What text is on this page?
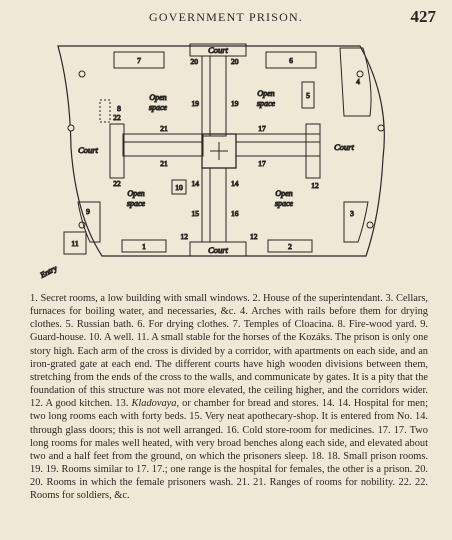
GOVERNMENT PRISON.	427
Court
Court
Court	Court
7	6
5
4
3
2
1
9
11
10
8
Open
space
Open
space
Open
space
Open
space
20	20
19	19
21
21
17
17
22
22	12
14	14
15	16
12	12
Entry

1. Secret rooms, a low building with small windows. 2. House of the superintendant. 3. Cellars, furnaces for boiling water, and necessaries, &c. 4. Arches with rails before them for drying clothes. 5. Russian bath. 6. For drying clothes. 7. Temples of Cloacina. 8. Fire-wood yard. 9. Guard-house. 10. A well. 11. A small stable for the horses of the Kozáks. The prison is only one story high. Each arm of the cross is divided by a corridor, with apartments on each side, and an iron-grated gate at each end. The different courts have high wooden divisions between them, stretching from the ends of the cross to the walls, and communicate by gates. It is a pity that the foundation of this structure was not more elevated, the ceiling higher, and the corridors wider. 12. A good kitchen. 13. Kladovaya, or chamber for bread and stores. 14. 14. Hospital for men; two long rooms each with forty beds. 15. Very neat apothecary-shop. It is entered from No. 14. through glass doors; this is not well arranged. 16. Cold store-room for medicines. 17. 17. Two long rooms for males well heated, with very broad benches along each side, and elevated about two and a half feet from the ground, on which the prisoners sleep. 18. 18. Small prison rooms. 19. 19. Rooms similar to 17. 17.; one range is the hospital for females, the other is a prison. 20. 20. Rooms in which the female prisoners wash. 21. 21. Ranges of rooms for nobility. 22. 22. Rooms for soldiers, &c.
